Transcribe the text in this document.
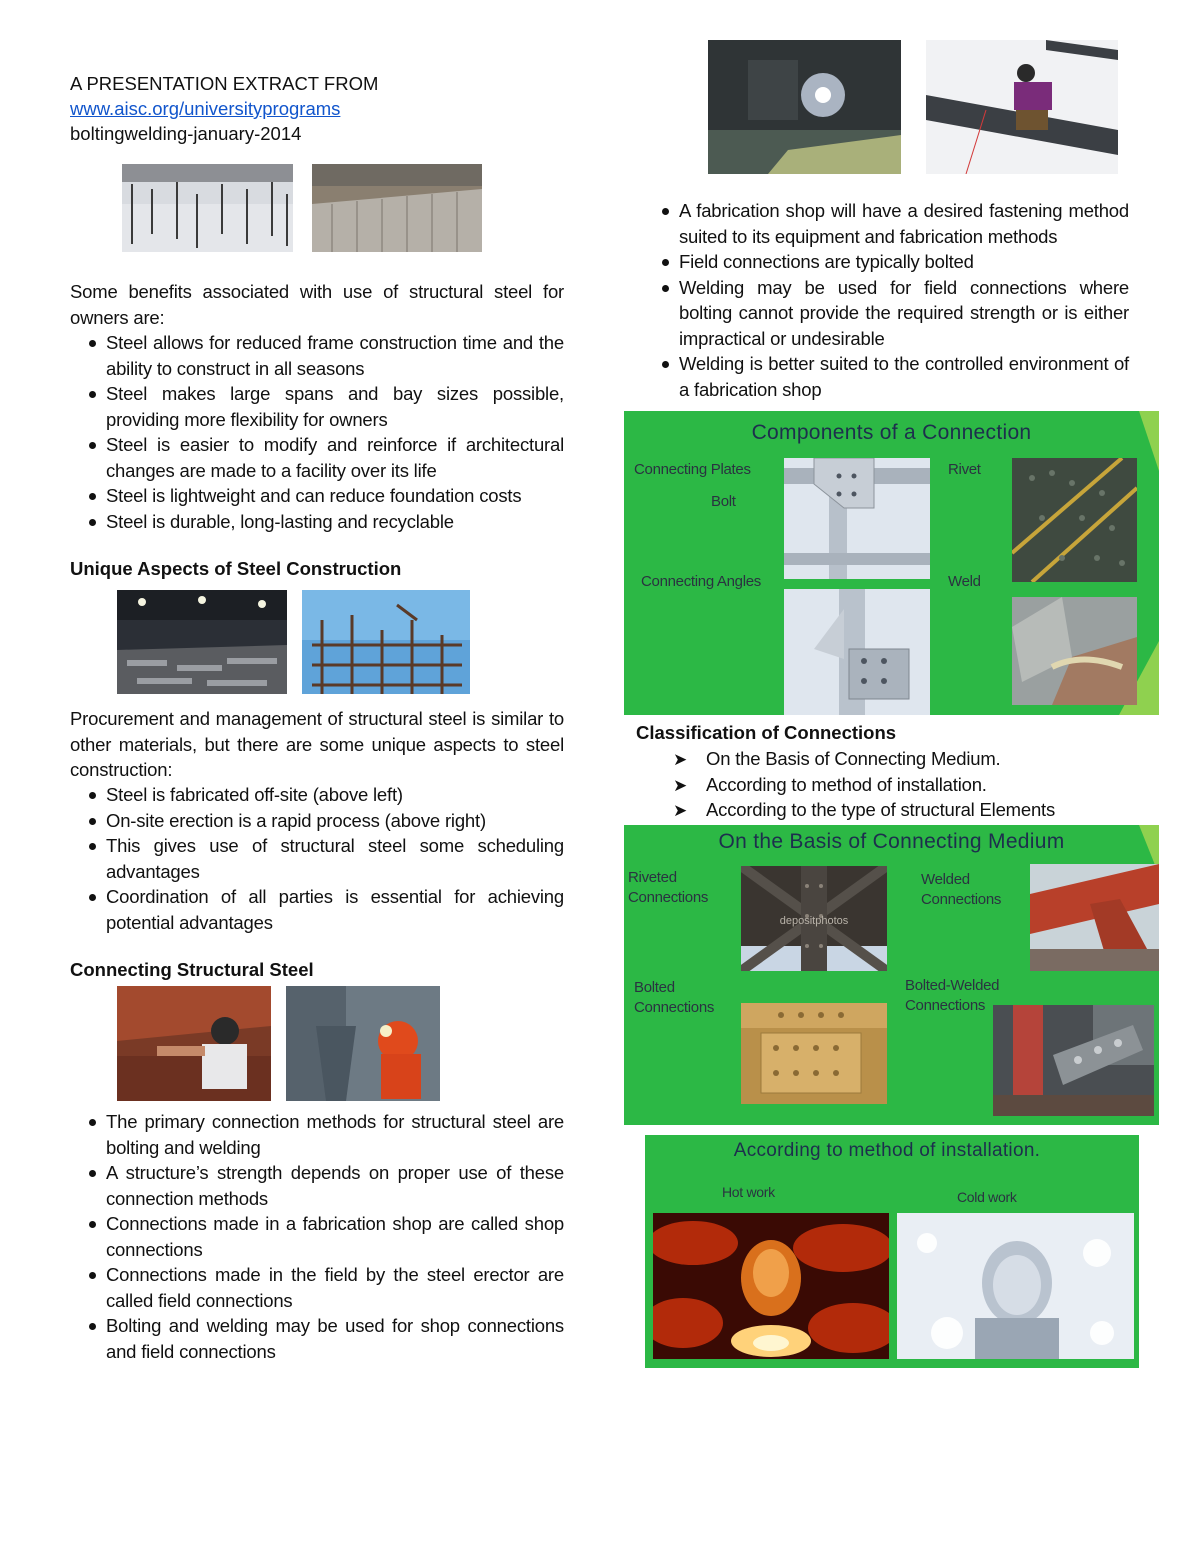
A PRESENTATION EXTRACT FROM
www.aisc.org/universityprograms
boltingwelding-january-2014
Some benefits associated with use of structural steel for owners are:
Steel allows for reduced frame construction time and the ability to construct in all seasons
Steel makes large spans and bay sizes possible, providing more flexibility for owners
Steel is easier to modify and reinforce if architectural changes are made to a facility over its life
Steel is lightweight and can reduce foundation costs
Steel is durable, long-lasting and recyclable
Unique Aspects of Steel Construction
Procurement and management of structural steel is similar to other materials, but there are some unique aspects to steel construction:
Steel is fabricated off-site (above left)
On-site erection is a rapid process (above right)
This gives use of structural steel some scheduling advantages
Coordination of all parties is essential for achieving potential advantages
Connecting Structural Steel
The primary connection methods for structural steel are bolting and welding
A structure’s strength depends on proper use of these connection methods
Connections made in a fabrication shop are called shop connections
Connections made in the field by the steel erector are called field connections
Bolting and welding may be used for shop connections and field connections
A fabrication shop will have a desired fastening method suited to its equipment and fabrication methods
Field connections are typically bolted
Welding may be used for field connections where bolting cannot provide the required strength or is either impractical or undesirable
Welding is better suited to the controlled environment of a fabrication shop
Components of a Connection
Connecting Plates
Bolt
Connecting Angles
Rivet
Weld
Classification of Connections
➤ On the Basis of Connecting Medium.
➤ According to method of installation.
➤ According to the type of structural Elements
On the Basis of Connecting Medium
Riveted Connections
Welded Connections
Bolted Connections
Bolted-Welded Connections
depositphotos
According to method of installation.
Hot work	Cold work
